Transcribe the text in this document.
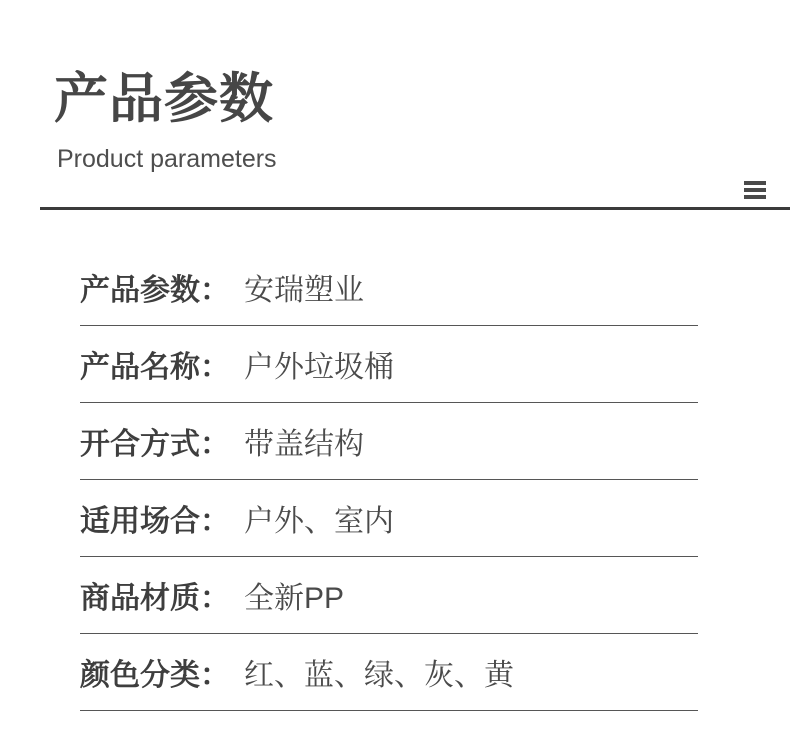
产品参数
Product parameters
产品参数： 安瑞塑业
产品名称： 户外垃圾桶
开合方式： 带盖结构
适用场合： 户外、室内
商品材质： 全新PP
颜色分类： 红、蓝、绿、灰、黄
